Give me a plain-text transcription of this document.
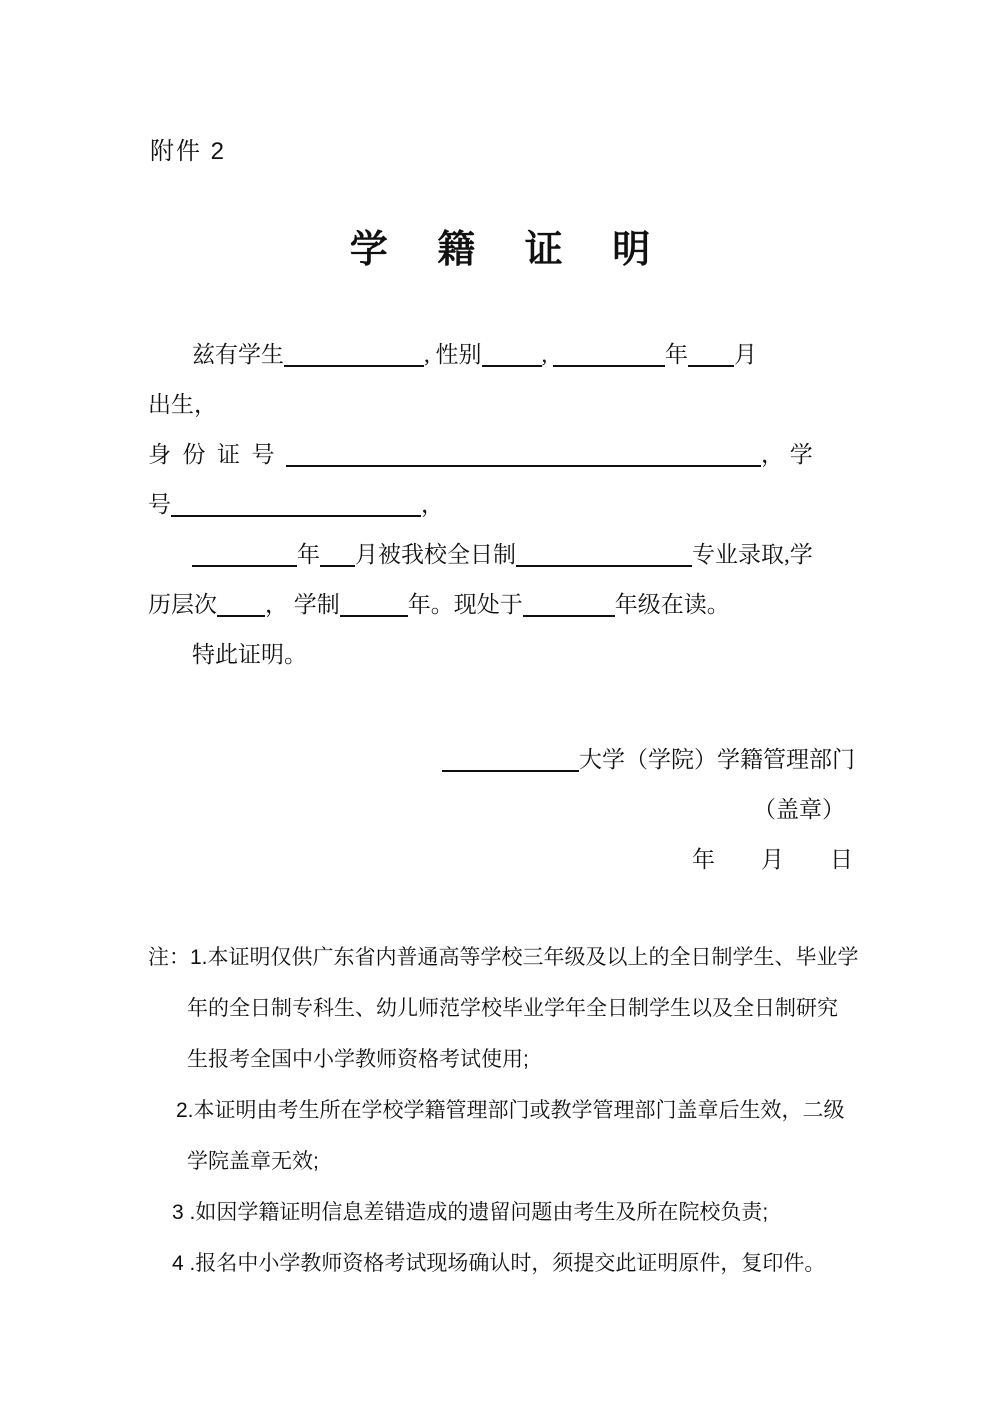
附件 2
学 籍 证 明
兹有学生	, 性别	,	年 月
出生，
身  份  证  号	， 学
号	，
年 月被我校全日制	专业录取,学
历层次 ， 学制	年。现处于	年级在读。
特此证明。
大学（学院）学籍管理部门
（盖章）
年　　月　　日
注：1.本证明仅供广东省内普通高等学校三年级及以上的全日制学生、毕业学
年的全日制专科生、幼儿师范学校毕业学年全日制学生以及全日制研究
生报考全国中小学教师资格考试使用;
2.本证明由考生所在学校学籍管理部门或教学管理部门盖章后生效，二级
学院盖章无效;
3 .如因学籍证明信息差错造成的遗留问题由考生及所在院校负责;
4 .报名中小学教师资格考试现场确认时，须提交此证明原件，复印件。
